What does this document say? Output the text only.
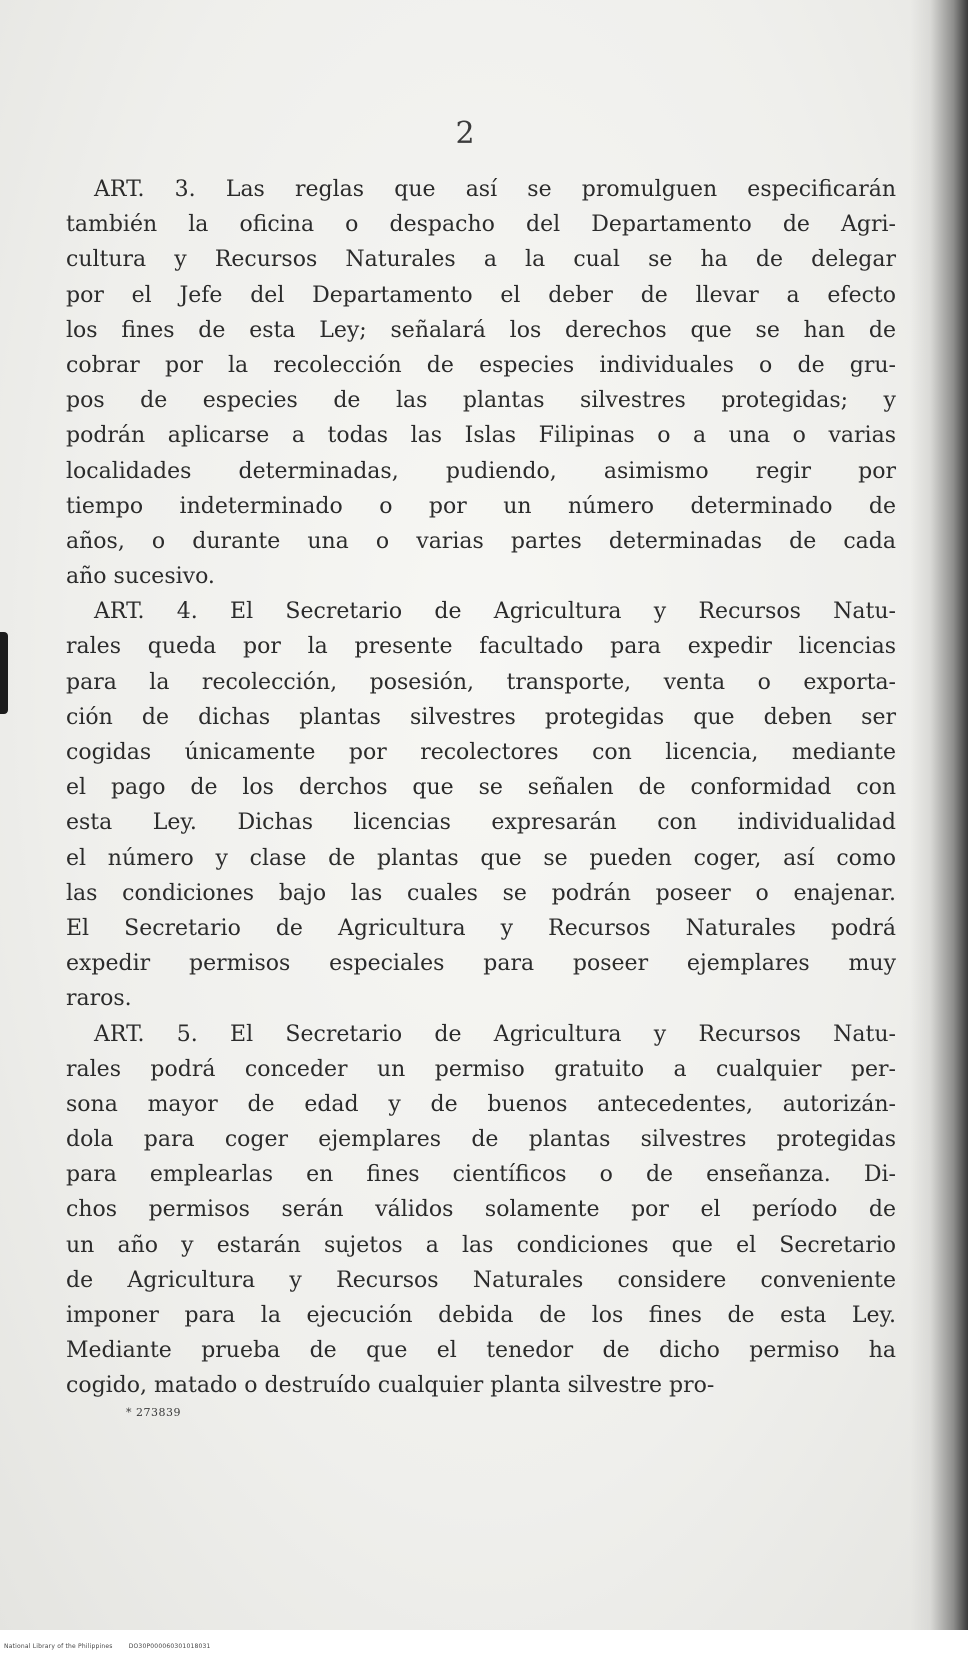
2
ART. 3. Las reglas que así se promulguen especificarán
también la oficina o despacho del Departamento de Agri-
cultura y Recursos Naturales a la cual se ha de delegar
por el Jefe del Departamento el deber de llevar a efecto
los fines de esta Ley; señalará los derechos que se han de
cobrar por la recolección de especies individuales o de gru-
pos de especies de las plantas silvestres protegidas; y
podrán aplicarse a todas las Islas Filipinas o a una o varias
localidades determinadas, pudiendo, asimismo regir por
tiempo indeterminado o por un número determinado de
años, o durante una o varias partes determinadas de cada
año sucesivo.
ART. 4. El Secretario de Agricultura y Recursos Natu-
rales queda por la presente facultado para expedir licencias
para la recolección, posesión, transporte, venta o exporta-
ción de dichas plantas silvestres protegidas que deben ser
cogidas únicamente por recolectores con licencia, mediante
el pago de los derchos que se señalen de conformidad con
esta Ley. Dichas licencias expresarán con individualidad
el número y clase de plantas que se pueden coger, así como
las condiciones bajo las cuales se podrán poseer o enajenar.
El Secretario de Agricultura y Recursos Naturales podrá
expedir permisos especiales para poseer ejemplares muy
raros.
ART. 5. El Secretario de Agricultura y Recursos Natu-
rales podrá conceder un permiso gratuito a cualquier per-
sona mayor de edad y de buenos antecedentes, autorizán-
dola para coger ejemplares de plantas silvestres protegidas
para emplearlas en fines científicos o de enseñanza. Di-
chos permisos serán válidos solamente por el período de
un año y estarán sujetos a las condiciones que el Secretario
de Agricultura y Recursos Naturales considere conveniente
imponer para la ejecución debida de los fines de esta Ley.
Mediante prueba de que el tenedor de dicho permiso ha
cogido, matado o destruído cualquier planta silvestre pro-
* 273839
National Library of the Philippines	DO30P000060301018031
